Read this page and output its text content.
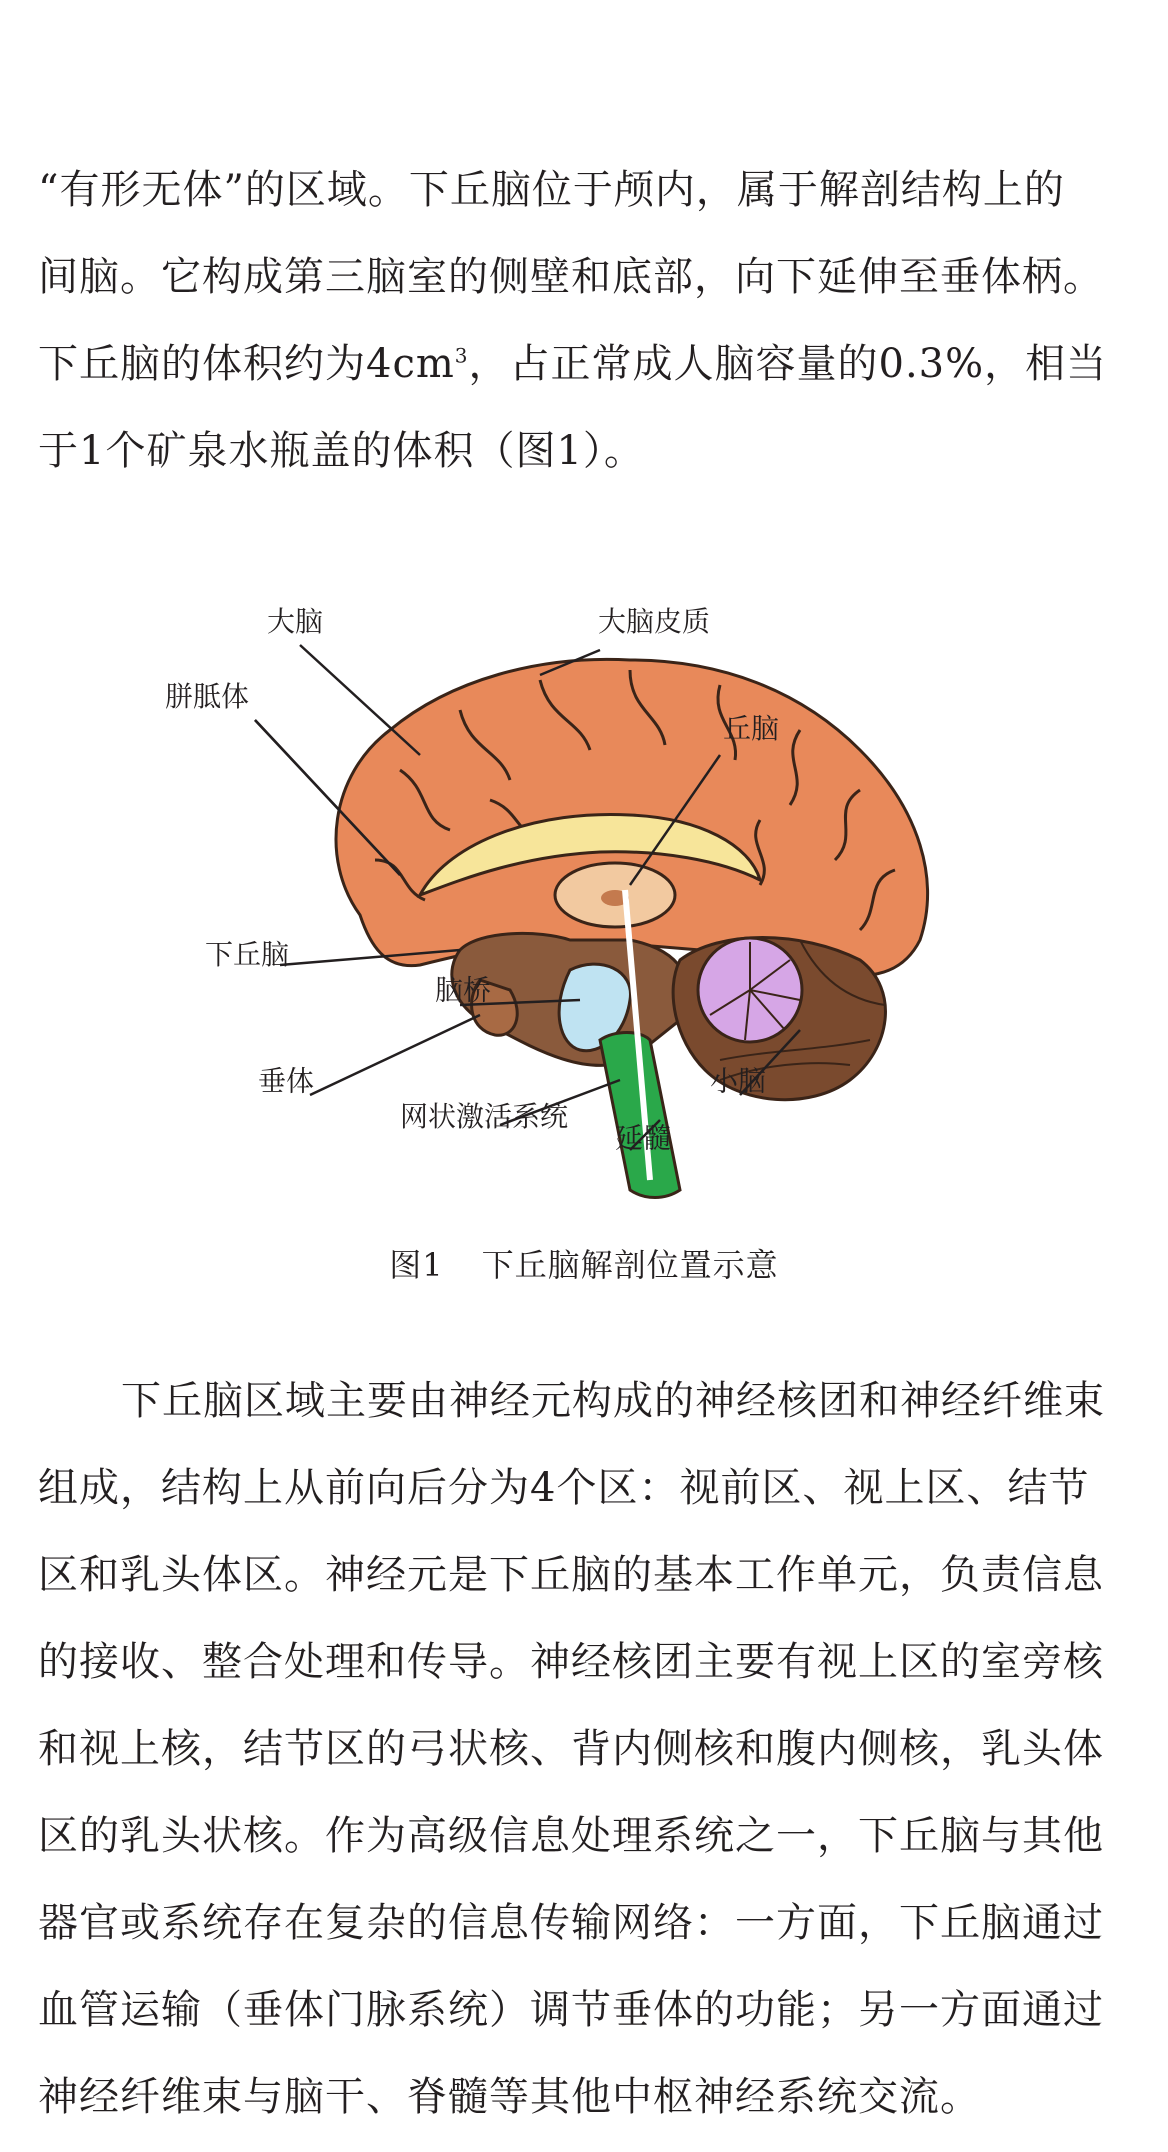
“有形无体”的区域。下丘脑位于颅内，属于解剖结构上的
间脑。它构成第三脑室的侧壁和底部，向下延伸至垂体柄。
下丘脑的体积约为$4cm^3$，占正常成人脑容量的0.3%，相当
于1个矿泉水瓶盖的体积（图1）。
大脑	大脑皮质
胼胝体
丘脑
下丘脑
脑桥
垂体
网状激活系统
延髓
小脑
图1 下丘脑解剖位置示意
下丘脑区域主要由神经元构成的神经核团和神经纤维束
组成，结构上从前向后分为4个区：视前区、视上区、结节
区和乳头体区。神经元是下丘脑的基本工作单元，负责信息
的接收、整合处理和传导。神经核团主要有视上区的室旁核
和视上核，结节区的弓状核、背内侧核和腹内侧核，乳头体
区的乳头状核。作为高级信息处理系统之一，下丘脑与其他
器官或系统存在复杂的信息传输网络：一方面，下丘脑通过
血管运输（垂体门脉系统）调节垂体的功能；另一方面通过
神经纤维束与脑干、脊髓等其他中枢神经系统交流。
